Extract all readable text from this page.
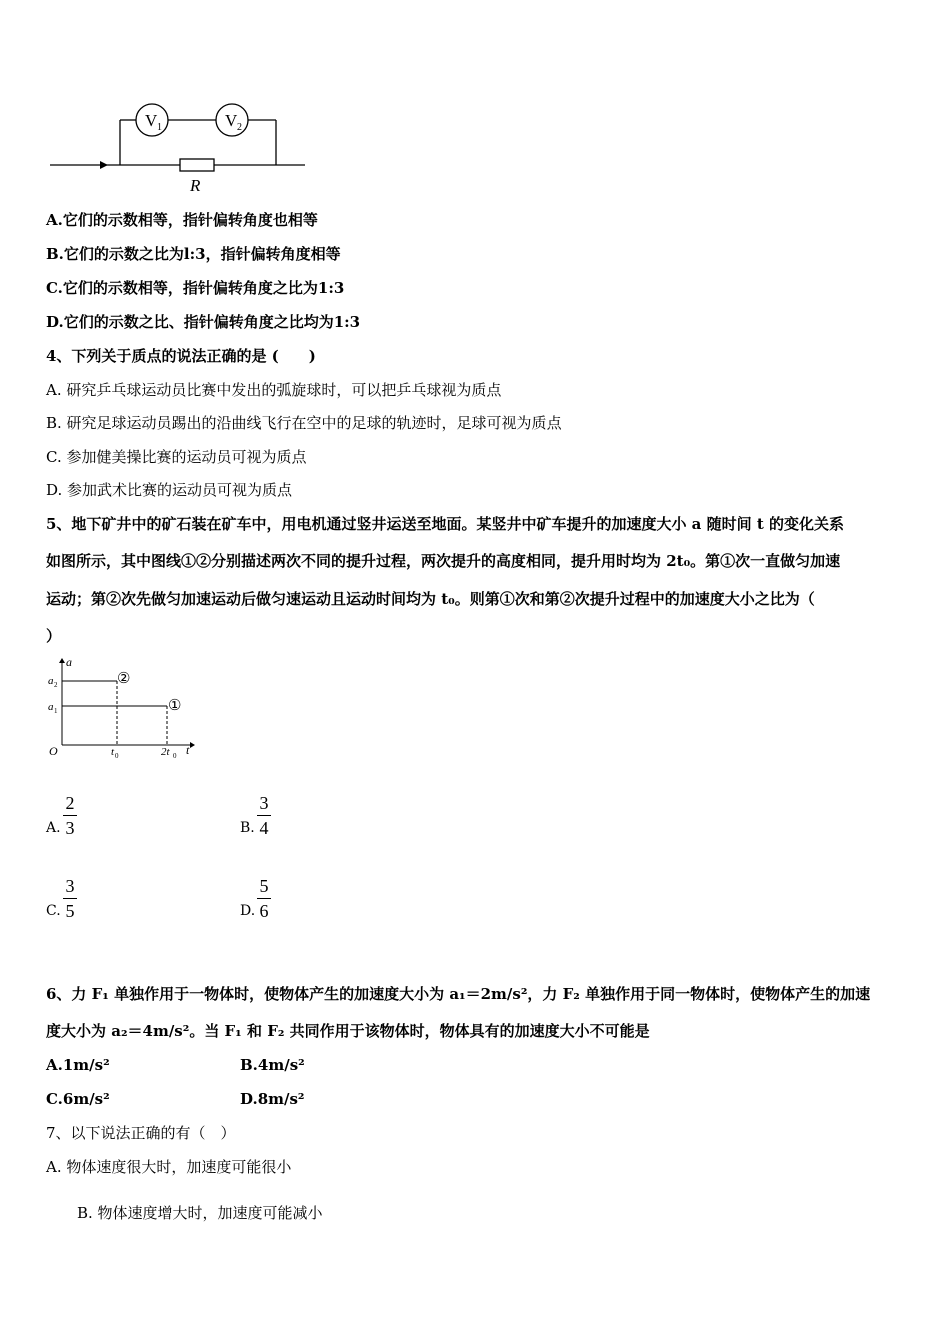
V 1	V 2
R
A.它们的示数相等，指针偏转角度也相等
B.它们的示数之比为l:3，指针偏转角度相等
C.它们的示数相等，指针偏转角度之比为1:3
D.它们的示数之比、指针偏转角度之比均为1:3
4、下列关于质点的说法正确的是 (　　)
A. 研究乒乓球运动员比赛中发出的弧旋球时，可以把乒乓球视为质点
B. 研究足球运动员踢出的沿曲线飞行在空中的足球的轨迹时，足球可视为质点
C. 参加健美操比赛的运动员可视为质点
D. 参加武术比赛的运动员可视为质点
5、地下矿井中的矿石装在矿车中，用电机通过竖井运送至地面。某竖井中矿车提升的加速度大小 a 随时间 t 的变化关系
如图所示，其中图线①②分别描述两次不同的提升过程，两次提升的高度相同，提升用时均为 2t₀。第①次一直做匀加速
运动；第②次先做匀加速运动后做匀速运动且运动时间均为 t₀。则第①次和第②次提升过程中的加速度大小之比为（
）
a
t
O
a 2
a 1
t 0	2t 0
②
①
A.
2
3	B.
3
4
C.
3
5	D.
5
6
6、力 F₁ 单独作用于一物体时，使物体产生的加速度大小为 a₁＝2m/s²，力 F₂ 单独作用于同一物体时，使物体产生的加速
度大小为 a₂＝4m/s²。当 F₁ 和 F₂ 共同作用于该物体时，物体具有的加速度大小不可能是
A.1m/s²	B.4m/s²
C.6m/s²	D.8m/s²
7、以下说法正确的有（　）
A. 物体速度很大时，加速度可能很小
B. 物体速度增大时，加速度可能减小
